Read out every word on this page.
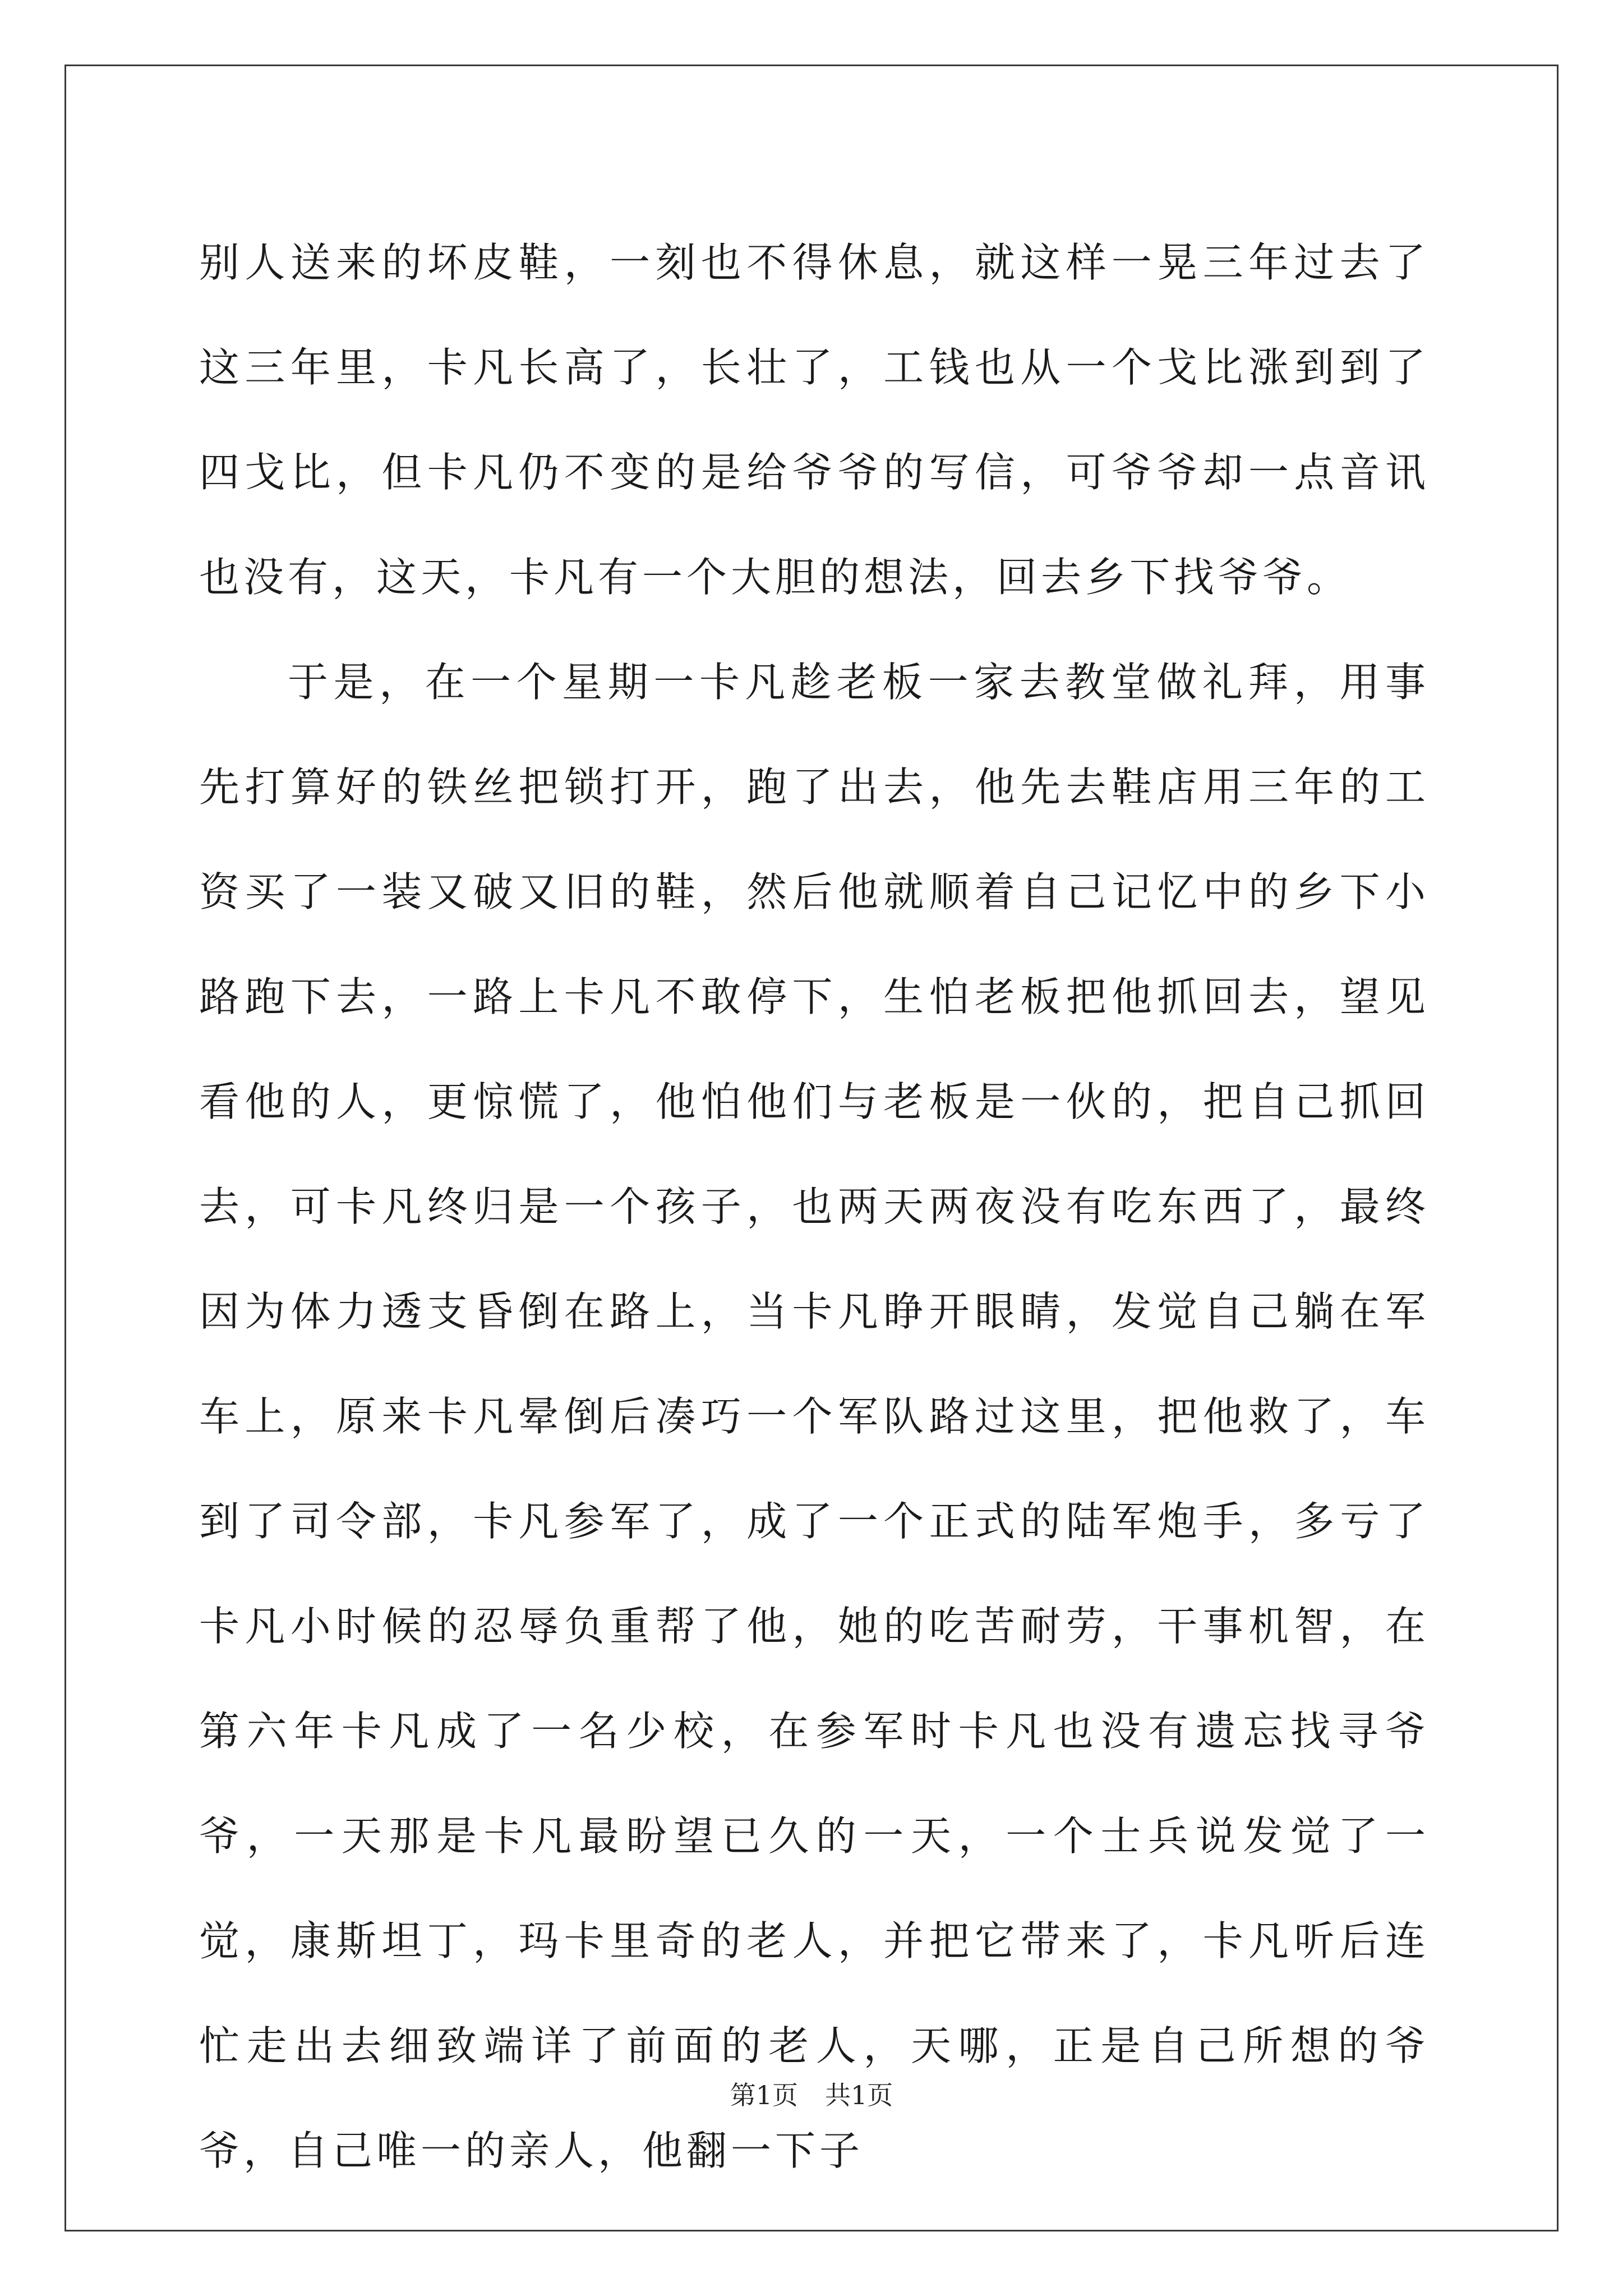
别人送来的坏皮鞋，一刻也不得休息，就这样一晃三年过去了这三年里，卡凡长高了，长壮了，工钱也从一个戈比涨到到了四戈比，但卡凡仍不变的是给爷爷的写信，可爷爷却一点音讯也没有，这天，卡凡有一个大胆的想法，回去乡下找爷爷。

于是，在一个星期一卡凡趁老板一家去教堂做礼拜，用事先打算好的铁丝把锁打开，跑了出去，他先去鞋店用三年的工资买了一装又破又旧的鞋，然后他就顺着自己记忆中的乡下小路跑下去，一路上卡凡不敢停下，生怕老板把他抓回去，望见看他的人，更惊慌了，他怕他们与老板是一伙的，把自己抓回去，可卡凡终归是一个孩子，也两天两夜没有吃东西了，最终因为体力透支昏倒在路上，当卡凡睁开眼睛，发觉自己躺在军车上，原来卡凡晕倒后凑巧一个军队路过这里，把他救了，车到了司令部，卡凡参军了，成了一个正式的陆军炮手，多亏了卡凡小时候的忍辱负重帮了他，她的吃苦耐劳，干事机智，在第六年卡凡成了一名少校，在参军时卡凡也没有遗忘找寻爷爷，一天那是卡凡最盼望已久的一天，一个士兵说发觉了一觉，康斯坦丁，玛卡里奇的老人，并把它带来了，卡凡听后连忙走出去细致端详了前面的老人，天哪，正是自己所想的爷爷，自己唯一的亲人，他翻一下子

第1页 共1页
